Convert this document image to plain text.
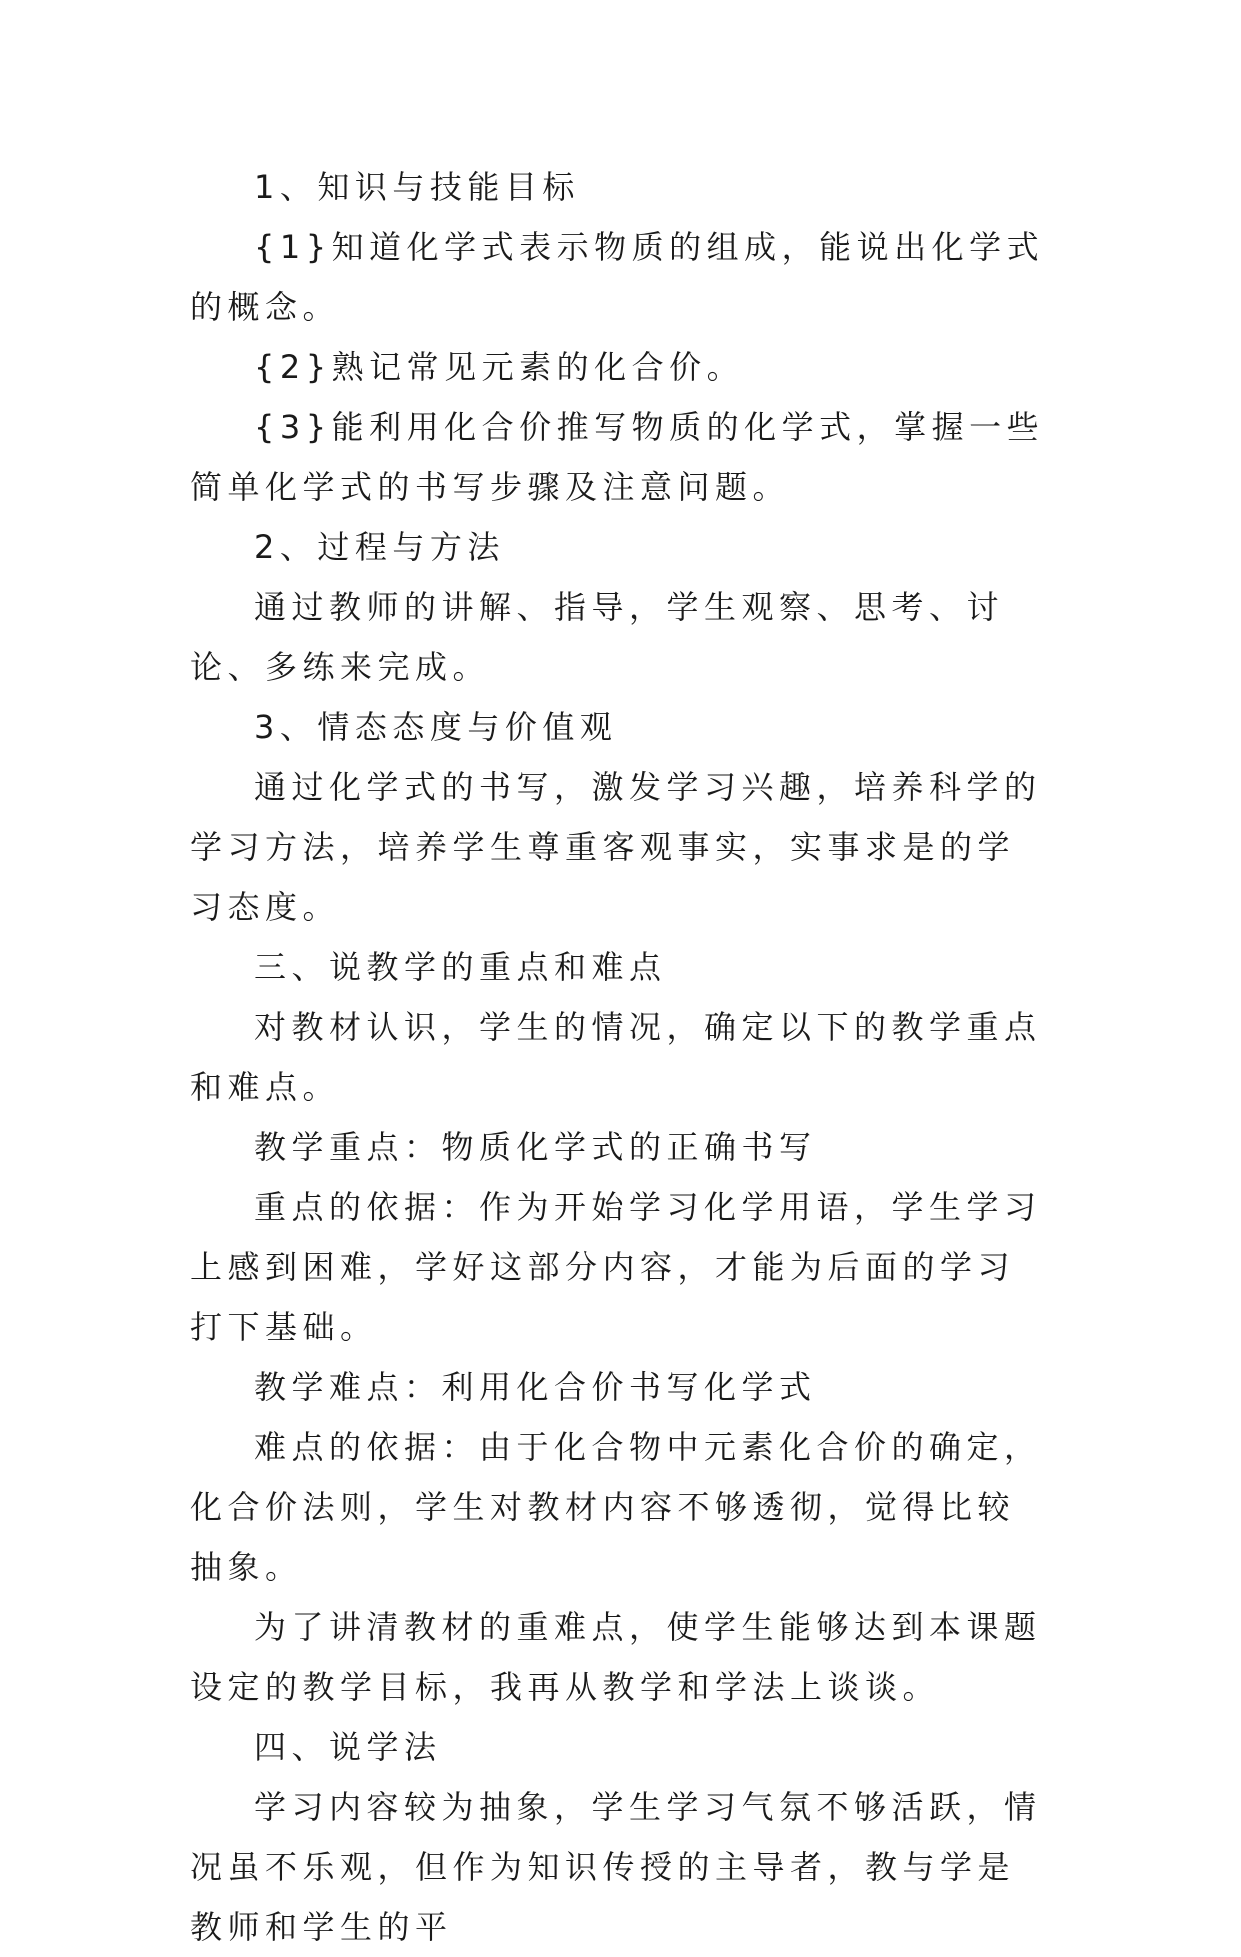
1、知识与技能目标

{1}知道化学式表示物质的组成，能说出化学式的概念。

{2}熟记常见元素的化合价。

{3}能利用化合价推写物质的化学式，掌握一些简单化学式的书写步骤及注意问题。

2、过程与方法

通过教师的讲解、指导，学生观察、思考、讨论、多练来完成。

3、情态态度与价值观

通过化学式的书写，激发学习兴趣，培养科学的学习方法，培养学生尊重客观事实，实事求是的学习态度。

三、说教学的重点和难点

对教材认识，学生的情况，确定以下的教学重点和难点。

教学重点：物质化学式的正确书写

重点的依据：作为开始学习化学用语，学生学习上感到困难，学好这部分内容，才能为后面的学习打下基础。

教学难点：利用化合价书写化学式

难点的依据：由于化合物中元素化合价的确定，化合价法则，学生对教材内容不够透彻，觉得比较抽象。

为了讲清教材的重难点，使学生能够达到本课题设定的教学目标，我再从教学和学法上谈谈。

四、说学法

学习内容较为抽象，学生学习气氛不够活跃，情况虽不乐观，但作为知识传授的主导者，教与学是教师和学生的平
